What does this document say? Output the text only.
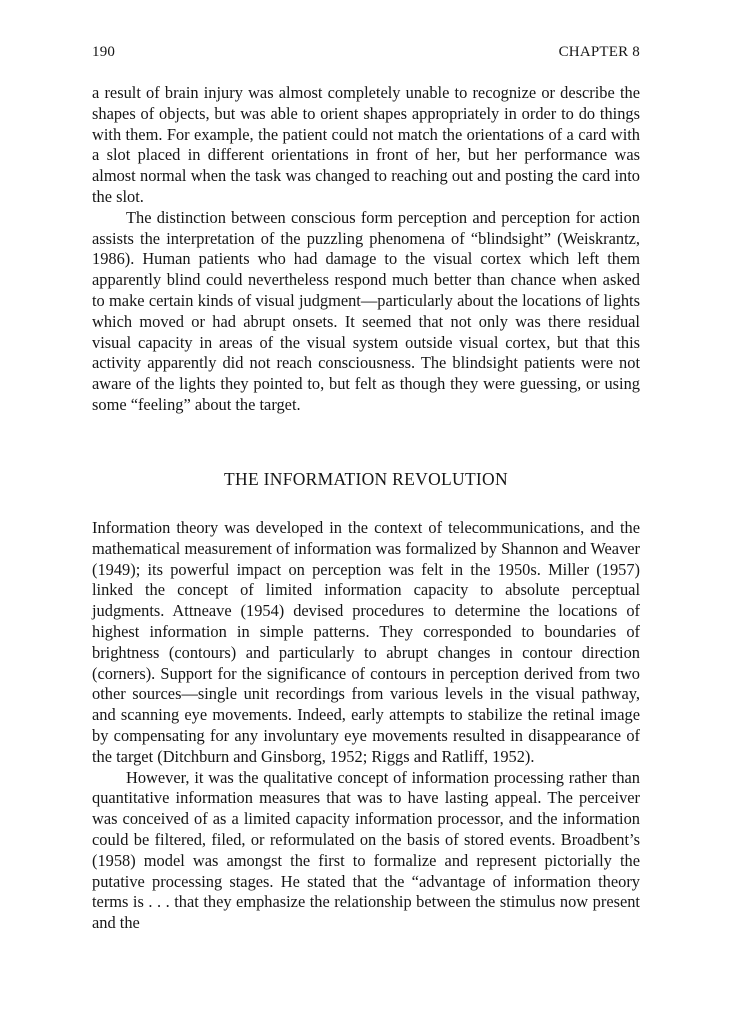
190	CHAPTER 8

a result of brain injury was almost completely unable to recognize or describe the shapes of objects, but was able to orient shapes appropriately in order to do things with them. For example, the patient could not match the orientations of a card with a slot placed in different orientations in front of her, but her performance was almost normal when the task was changed to reaching out and posting the card into the slot.

The distinction between conscious form perception and perception for action assists the interpretation of the puzzling phenomena of “blindsight” (Weiskrantz, 1986). Human patients who had damage to the visual cortex which left them apparently blind could nevertheless respond much better than chance when asked to make certain kinds of visual judgment—particularly about the locations of lights which moved or had abrupt onsets. It seemed that not only was there residual visual capacity in areas of the visual system outside visual cortex, but that this activity apparently did not reach consciousness. The blindsight patients were not aware of the lights they pointed to, but felt as though they were guessing, or using some “feeling” about the target.

THE INFORMATION REVOLUTION

Information theory was developed in the context of telecommunications, and the mathematical measurement of information was formalized by Shannon and Weaver (1949); its powerful impact on perception was felt in the 1950s. Miller (1957) linked the concept of limited information capacity to absolute perceptual judgments. Attneave (1954) devised procedures to determine the locations of highest information in simple patterns. They corresponded to boundaries of brightness (contours) and particularly to abrupt changes in contour direction (corners). Support for the significance of contours in perception derived from two other sources—single unit recordings from various levels in the visual pathway, and scanning eye movements. Indeed, early attempts to stabilize the retinal image by compensating for any involuntary eye movements resulted in disappearance of the target (Ditchburn and Ginsborg, 1952; Riggs and Ratliff, 1952).

However, it was the qualitative concept of information processing rather than quantitative information measures that was to have lasting appeal. The perceiver was conceived of as a limited capacity information processor, and the information could be filtered, filed, or reformulated on the basis of stored events. Broadbent’s (1958) model was amongst the first to formalize and represent pictorially the putative processing stages. He stated that the “advantage of information theory terms is . . . that they emphasize the relationship between the stimulus now present and the
